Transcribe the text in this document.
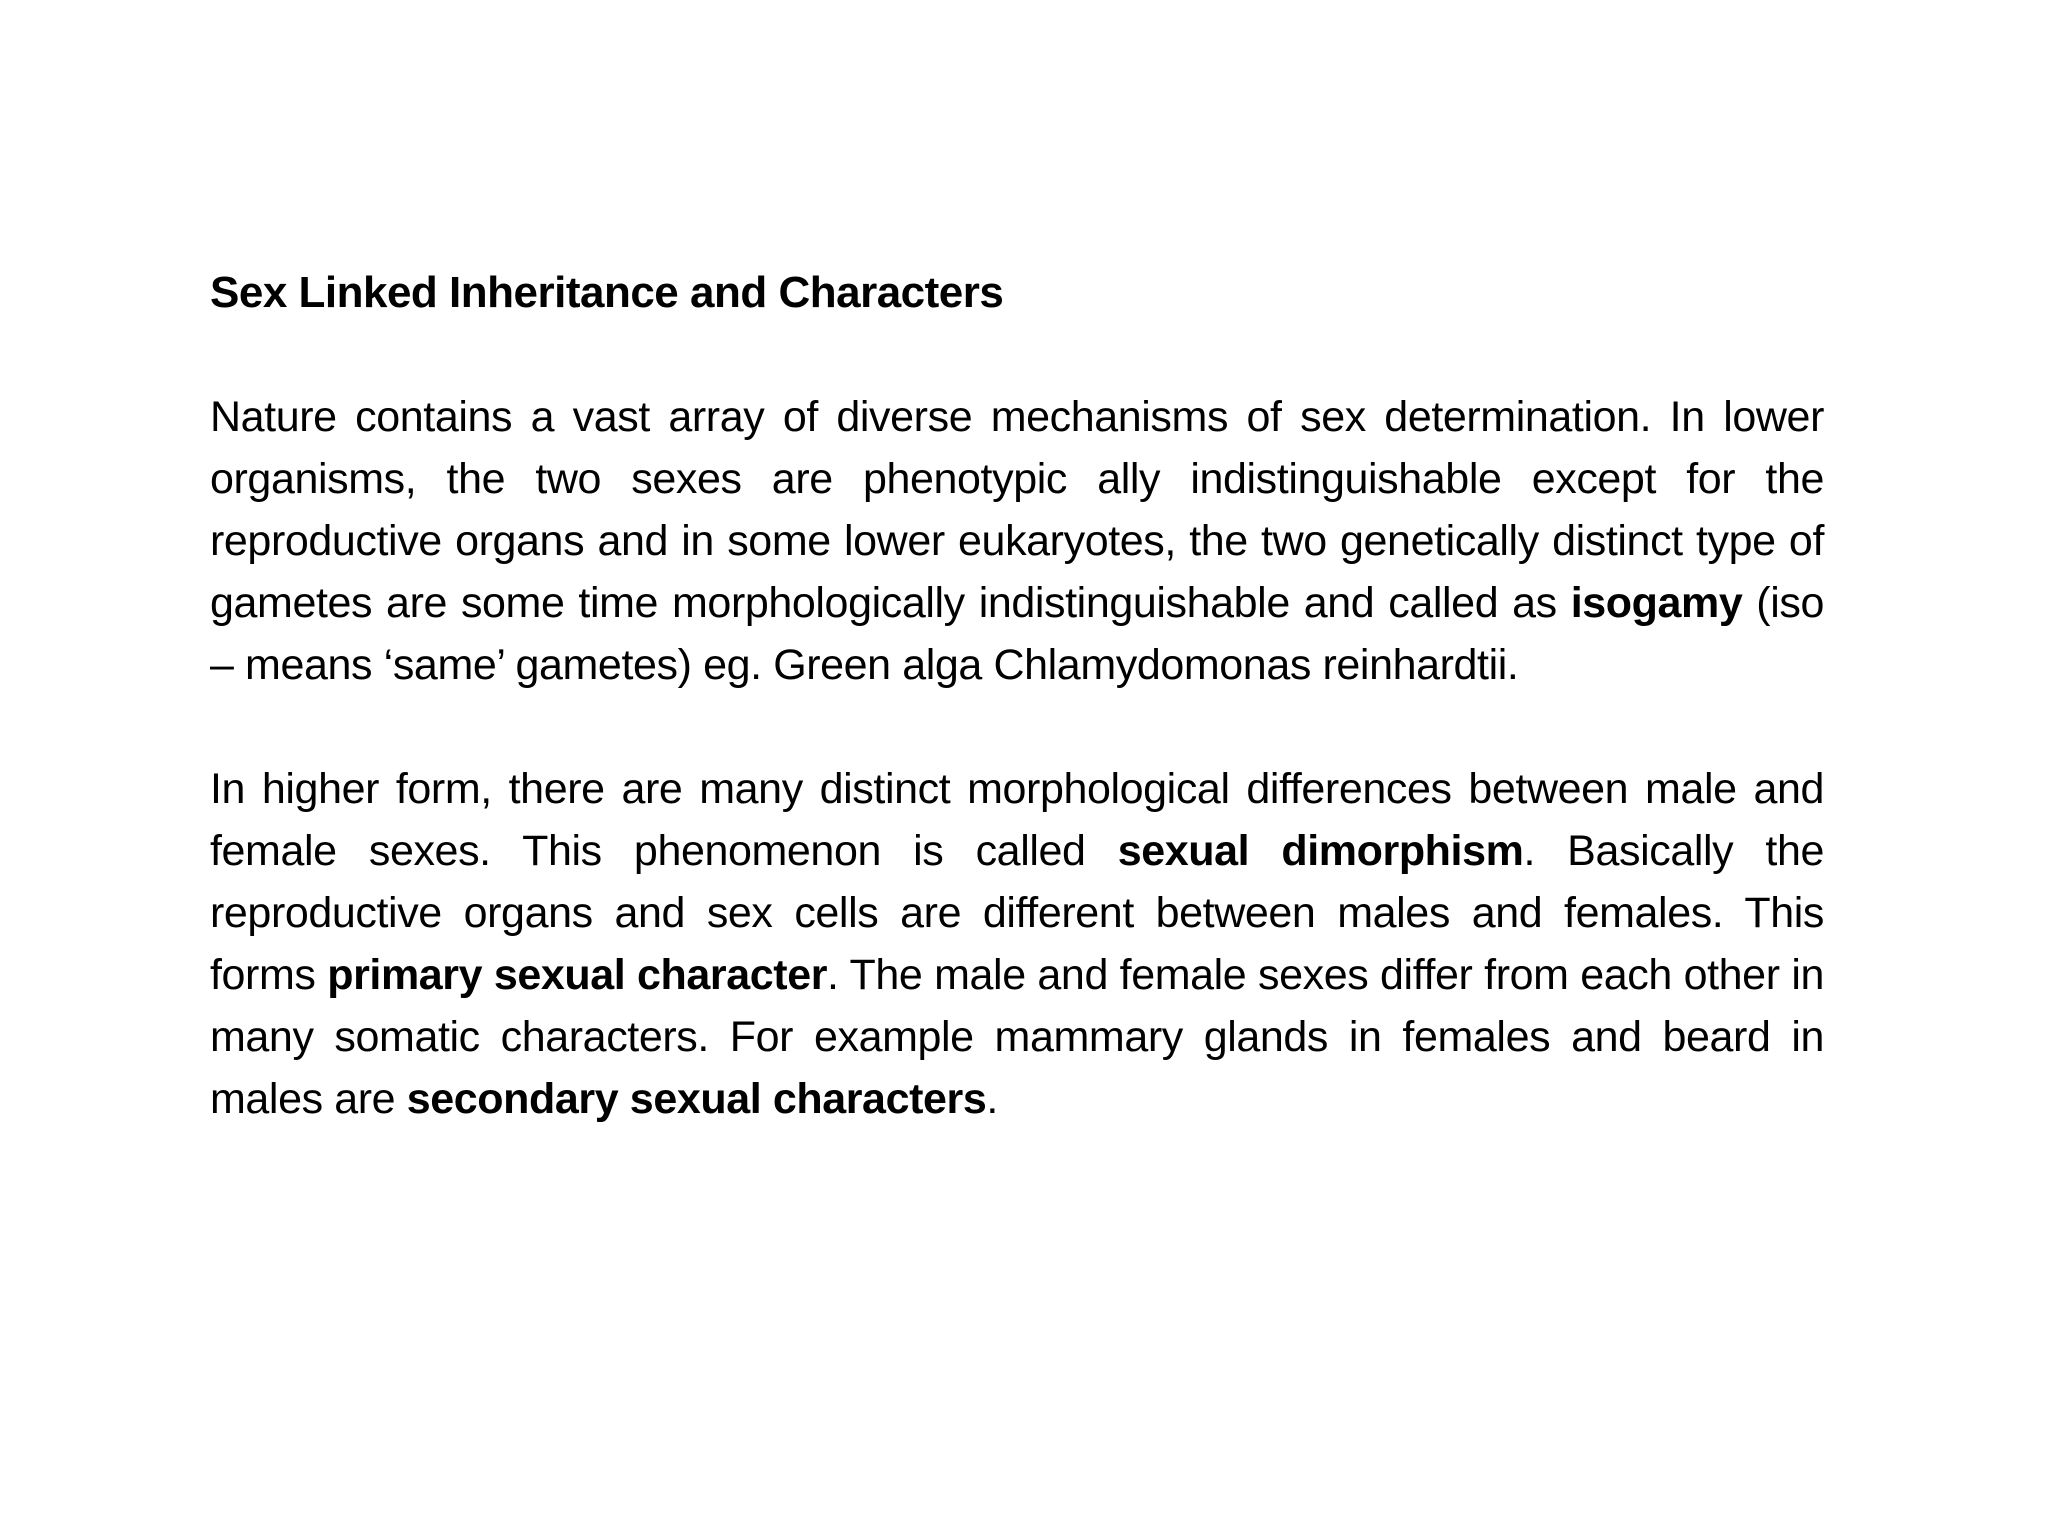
Sex Linked Inheritance and Characters

Nature contains a vast array of diverse mechanisms of sex determination. In lower organisms, the two sexes are phenotypic ally indistinguishable except for the reproductive organs and in some lower eukaryotes, the two genetically distinct type of gametes are some time morphologically indistinguishable and called as isogamy (iso – means ‘same’ gametes) eg. Green alga Chlamydomonas reinhardtii.

In higher form, there are many distinct morphological differences between male and female sexes. This phenomenon is called sexual dimorphism. Basically the reproductive organs and sex cells are different between males and females. This forms primary sexual character. The male and female sexes differ from each other in many somatic characters. For example mammary glands in females and beard in males are secondary sexual characters.
